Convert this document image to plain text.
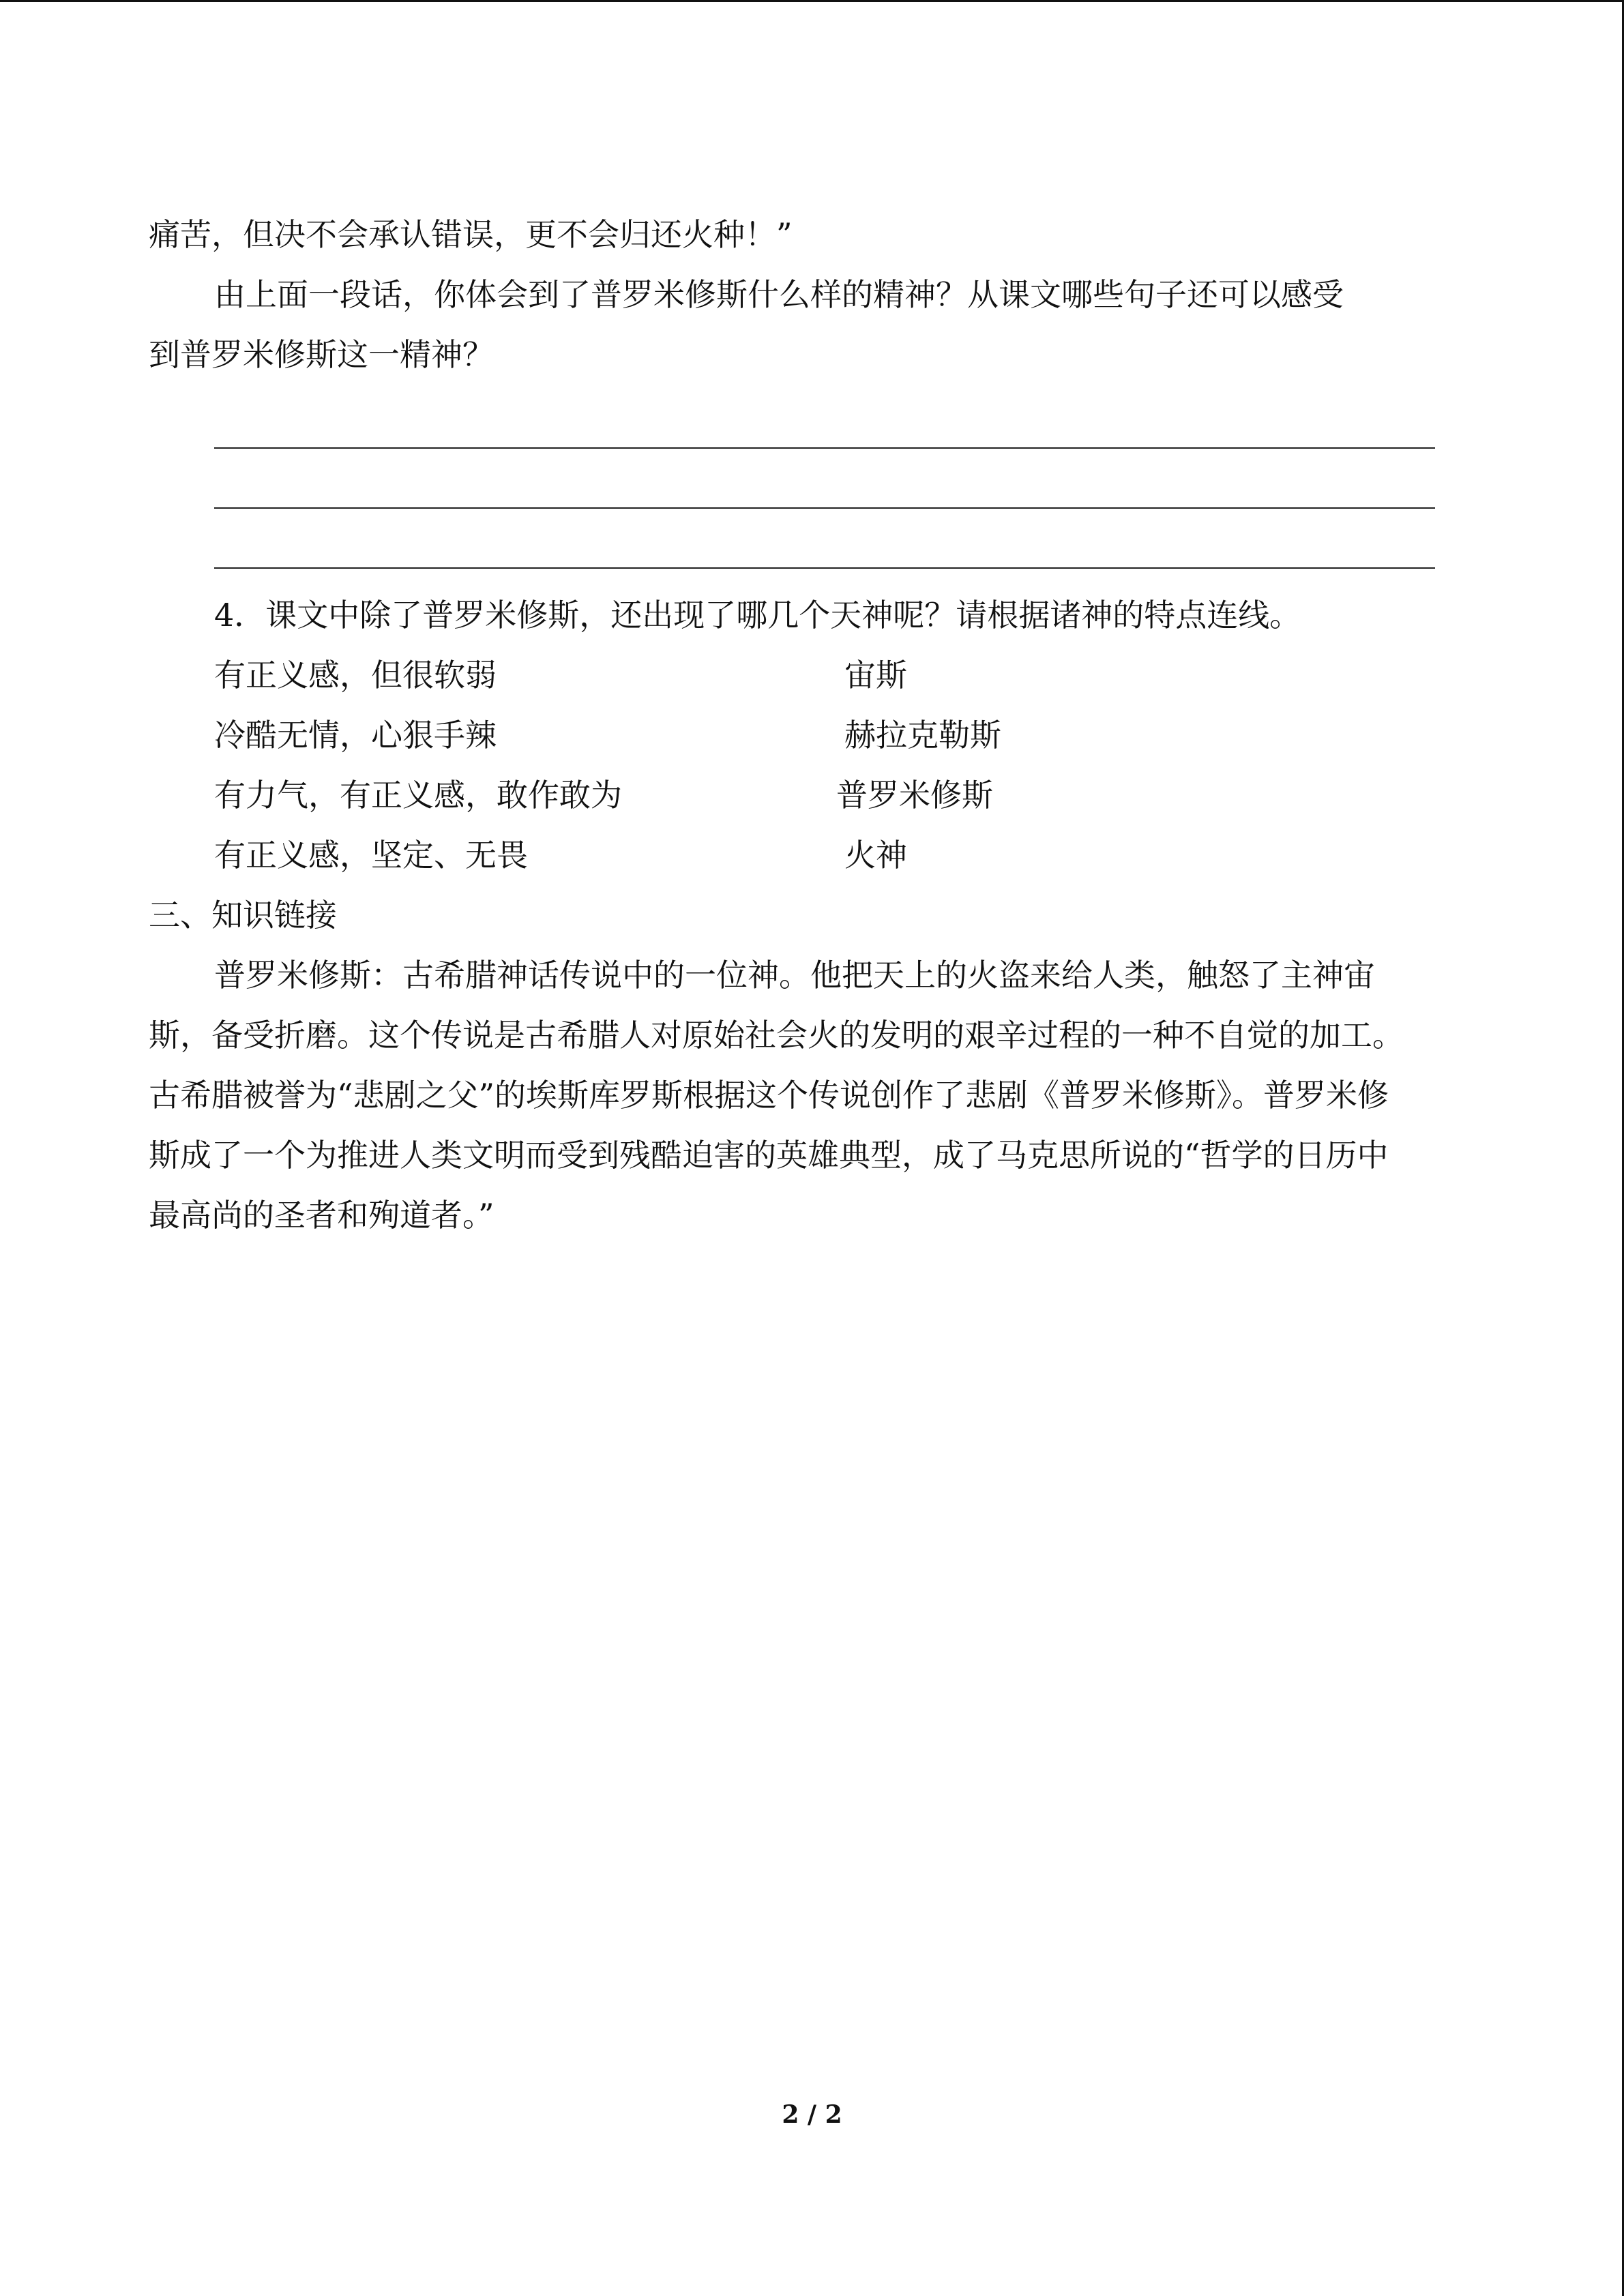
痛苦，但决不会承认错误，更不会归还火种！”
由上面一段话，你体会到了普罗米修斯什么样的精神？从课文哪些句子还可以感受
到普罗米修斯这一精神？
4．课文中除了普罗米修斯，还出现了哪几个天神呢？请根据诸神的特点连线。
有正义感，但很软弱	宙斯
冷酷无情，心狠手辣	赫拉克勒斯
有力气，有正义感，敢作敢为	普罗米修斯
有正义感，坚定、无畏	火神
三、知识链接
普罗米修斯：古希腊神话传说中的一位神。他把天上的火盗来给人类，触怒了主神宙
斯，备受折磨。这个传说是古希腊人对原始社会火的发明的艰辛过程的一种不自觉的加工。
古希腊被誉为“悲剧之父”的埃斯库罗斯根据这个传说创作了悲剧《普罗米修斯》。普罗米修
斯成了一个为推进人类文明而受到残酷迫害的英雄典型，成了马克思所说的“哲学的日历中
最高尚的圣者和殉道者。”
2 / 2
